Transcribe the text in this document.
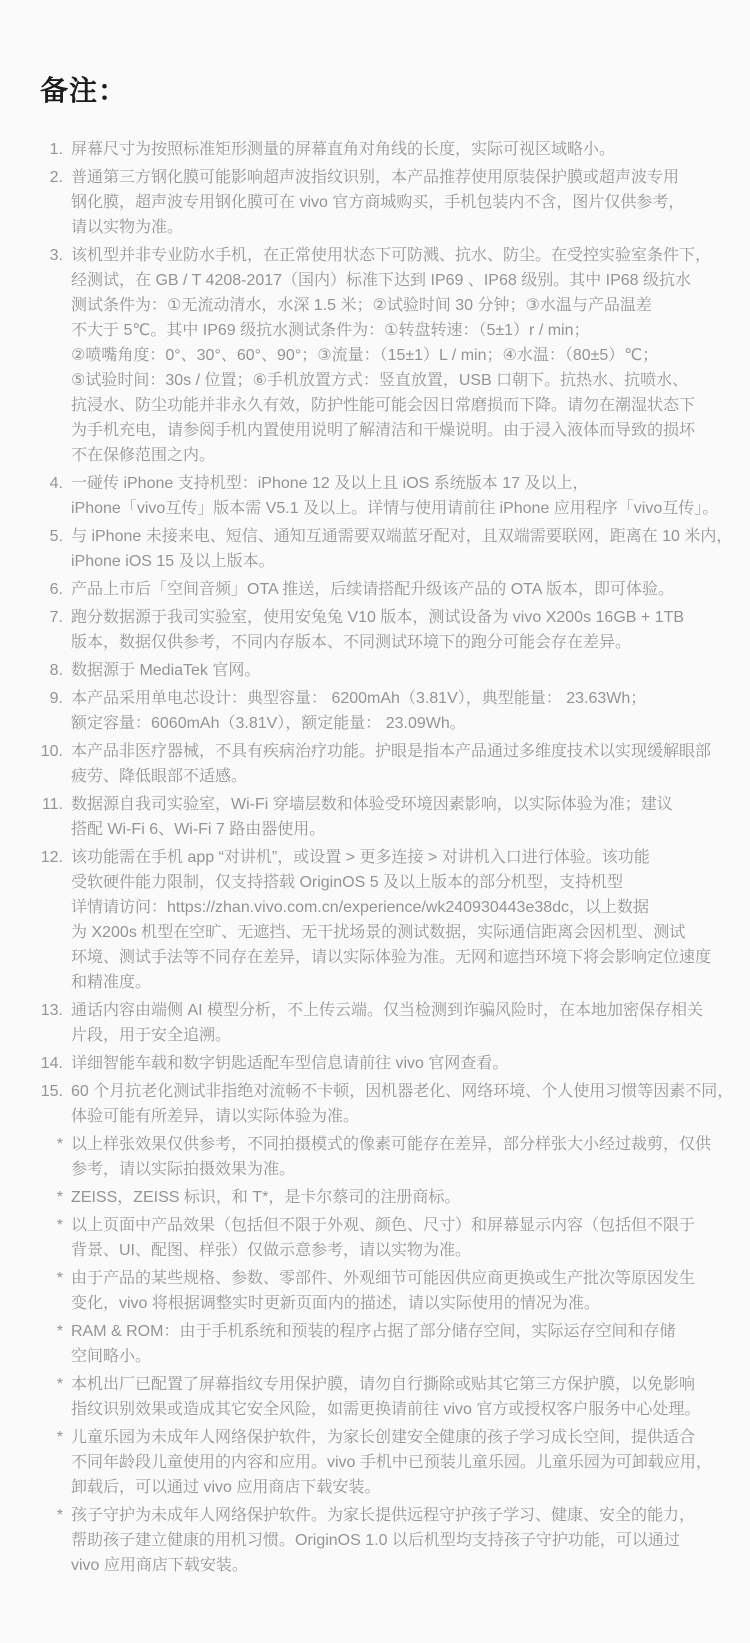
备注：
1. 屏幕尺寸为按照标准矩形测量的屏幕直角对角线的长度，实际可视区域略小。
2. 普通第三方钢化膜可能影响超声波指纹识别，本产品推荐使用原装保护膜或超声波专用
钢化膜，超声波专用钢化膜可在 vivo 官方商城购买，手机包装内不含，图片仅供参考，
请以实物为准。
3. 该机型并非专业防水手机，在正常使用状态下可防溅、抗水、防尘。在受控实验室条件下，
经测试，在 GB / T 4208-2017（国内）标准下达到 IP69 、IP68 级别。其中 IP68 级抗水
测试条件为：①无流动清水，水深 1.5 米；②试验时间 30 分钟；③水温与产品温差
不大于 5℃。其中 IP69 级抗水测试条件为：①转盘转速：（5±1）r / min；
②喷嘴角度：0°、30°、60°、90°；③流量：（15±1）L / min；④水温：（80±5）℃；
⑤试验时间：30s / 位置；⑥手机放置方式：竖直放置，USB 口朝下。抗热水、抗喷水、
抗浸水、防尘功能并非永久有效，防护性能可能会因日常磨损而下降。请勿在潮湿状态下
为手机充电，请参阅手机内置使用说明了解清洁和干燥说明。由于浸入液体而导致的损坏
不在保修范围之内。
4. 一碰传 iPhone 支持机型：iPhone 12 及以上且 iOS 系统版本 17 及以上，
iPhone「vivo互传」版本需 V5.1 及以上。详情与使用请前往 iPhone 应用程序「vivo互传」。
5. 与 iPhone 未接来电、短信、通知互通需要双端蓝牙配对，且双端需要联网，距离在 10 米内，
iPhone iOS 15 及以上版本。
6. 产品上市后「空间音频」OTA 推送，后续请搭配升级该产品的 OTA 版本，即可体验。
7. 跑分数据源于我司实验室，使用安兔兔 V10 版本，测试设备为 vivo X200s 16GB + 1TB
版本，数据仅供参考，不同内存版本、不同测试环境下的跑分可能会存在差异。
8. 数据源于 MediaTek 官网。
9. 本产品采用单电芯设计：典型容量： 6200mAh（3.81V），典型能量： 23.63Wh；
额定容量：6060mAh（3.81V），额定能量： 23.09Wh。
10. 本产品非医疗器械，不具有疾病治疗功能。护眼是指本产品通过多维度技术以实现缓解眼部
疲劳、降低眼部不适感。
11. 数据源自我司实验室，Wi-Fi 穿墙层数和体验受环境因素影响，以实际体验为准；建议
搭配 Wi-Fi 6、Wi-Fi 7 路由器使用。
12. 该功能需在手机 app “对讲机”，或设置 > 更多连接 > 对讲机入口进行体验。该功能
受软硬件能力限制，仅支持搭载 OriginOS 5 及以上版本的部分机型，支持机型
详情请访问：https://zhan.vivo.com.cn/experience/wk240930443e38dc，以上数据
为 X200s 机型在空旷、无遮挡、无干扰场景的测试数据，实际通信距离会因机型、测试
环境、测试手法等不同存在差异，请以实际体验为准。无网和遮挡环境下将会影响定位速度
和精准度。
13. 通话内容由端侧 AI 模型分析，不上传云端。仅当检测到诈骗风险时，在本地加密保存相关
片段，用于安全追溯。
14. 详细智能车载和数字钥匙适配车型信息请前往 vivo 官网查看。
15. 60 个月抗老化测试非指绝对流畅不卡顿，因机器老化、网络环境、个人使用习惯等因素不同，
体验可能有所差异，请以实际体验为准。
* 以上样张效果仅供参考，不同拍摄模式的像素可能存在差异，部分样张大小经过裁剪，仅供
参考，请以实际拍摄效果为准。
* ZEISS，ZEISS 标识，和 T*，是卡尔蔡司的注册商标。
* 以上页面中产品效果（包括但不限于外观、颜色、尺寸）和屏幕显示内容（包括但不限于
背景、UI、配图、样张）仅做示意参考，请以实物为准。
* 由于产品的某些规格、参数、零部件、外观细节可能因供应商更换或生产批次等原因发生
变化，vivo 将根据调整实时更新页面内的描述，请以实际使用的情况为准。
* RAM & ROM：由于手机系统和预装的程序占据了部分储存空间，实际运存空间和存储
空间略小。
* 本机出厂已配置了屏幕指纹专用保护膜，请勿自行撕除或贴其它第三方保护膜，以免影响
指纹识别效果或造成其它安全风险，如需更换请前往 vivo 官方或授权客户服务中心处理。
* 儿童乐园为未成年人网络保护软件，为家长创建安全健康的孩子学习成长空间，提供适合
不同年龄段儿童使用的内容和应用。vivo 手机中已预装儿童乐园。儿童乐园为可卸载应用，
卸载后，可以通过 vivo 应用商店下载安装。
* 孩子守护为未成年人网络保护软件。为家长提供远程守护孩子学习、健康、安全的能力，
帮助孩子建立健康的用机习惯。OriginOS 1.0 以后机型均支持孩子守护功能，可以通过
vivo 应用商店下载安装。
